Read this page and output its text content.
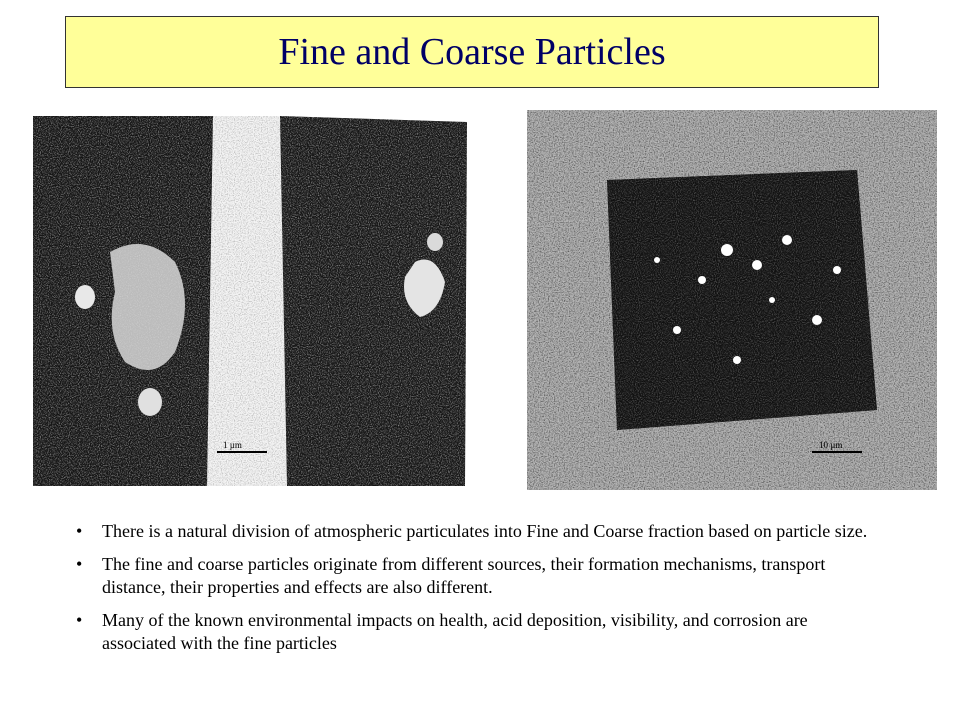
Fine and Coarse Particles
1 µm	10 µm
• There is a natural division of atmospheric particulates into Fine and Coarse fraction based on particle size.
• The fine and coarse particles originate from different sources, their formation mechanisms, transport distance, their properties and effects are also different.
• Many of the known environmental impacts on health, acid deposition, visibility, and corrosion are associated with the fine particles
